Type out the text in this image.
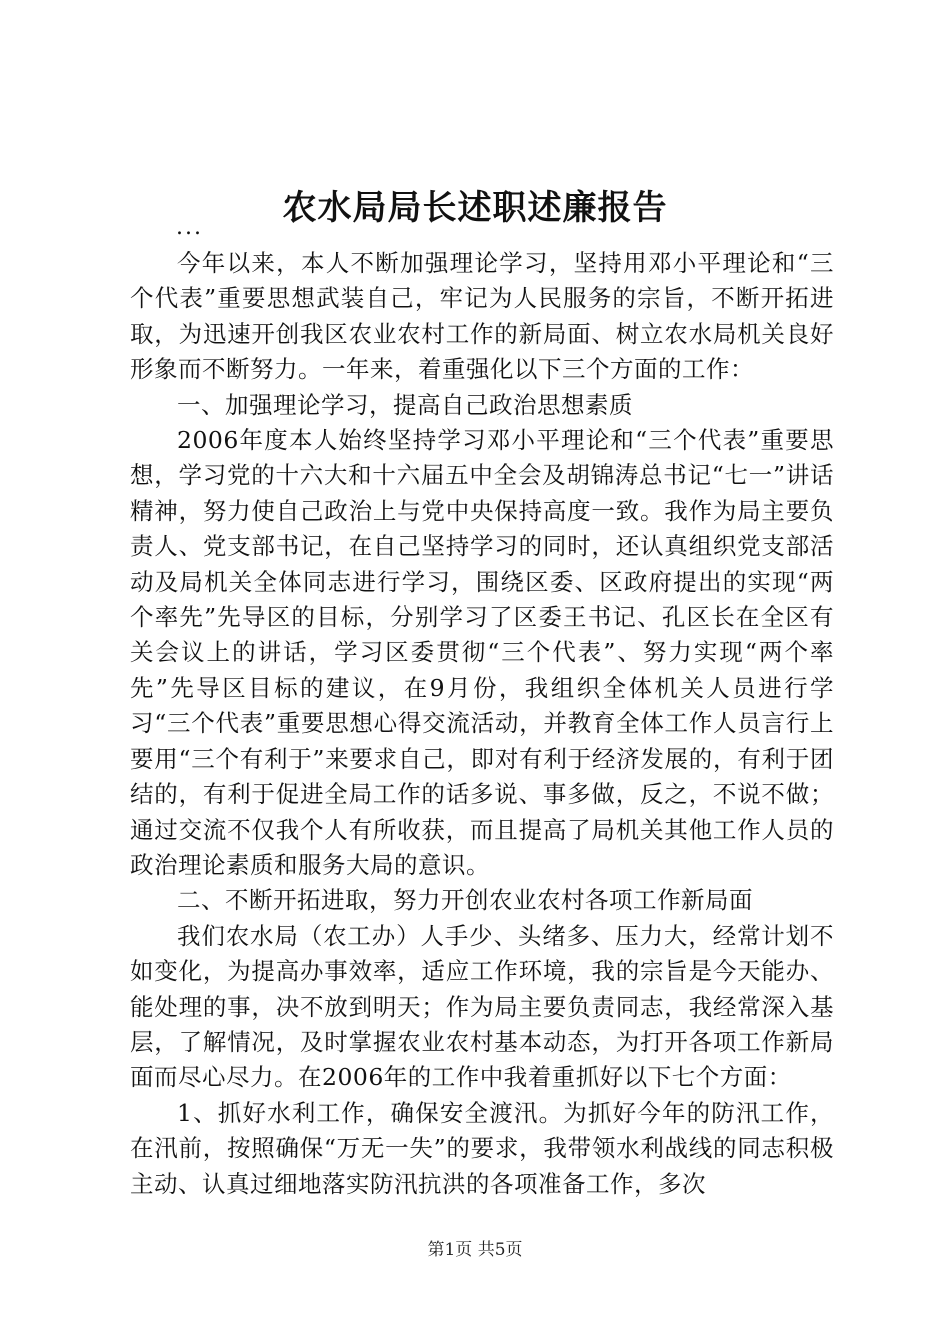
农水局局长述职述廉报告
...

今年以来，本人不断加强理论学习，坚持用邓小平理论和“三个代表”重要思想武装自己，牢记为人民服务的宗旨，不断开拓进取，为迅速开创我区农业农村工作的新局面、树立农水局机关良好形象而不断努力。一年来，着重强化以下三个方面的工作：

一、加强理论学习，提高自己政治思想素质

2006年度本人始终坚持学习邓小平理论和“三个代表”重要思想，学习党的十六大和十六届五中全会及胡锦涛总书记“七一”讲话精神，努力使自己政治上与党中央保持高度一致。我作为局主要负责人、党支部书记，在自己坚持学习的同时，还认真组织党支部活动及局机关全体同志进行学习，围绕区委、区政府提出的实现“两个率先”先导区的目标，分别学习了区委王书记、孔区长在全区有关会议上的讲话，学习区委贯彻“三个代表”、努力实现“两个率先”先导区目标的建议，在9月份，我组织全体机关人员进行学习“三个代表”重要思想心得交流活动，并教育全体工作人员言行上要用“三个有利于”来要求自己，即对有利于经济发展的，有利于团结的，有利于促进全局工作的话多说、事多做，反之，不说不做；通过交流不仅我个人有所收获，而且提高了局机关其他工作人员的政治理论素质和服务大局的意识。

二、不断开拓进取，努力开创农业农村各项工作新局面

我们农水局（农工办）人手少、头绪多、压力大，经常计划不如变化，为提高办事效率，适应工作环境，我的宗旨是今天能办、能处理的事，决不放到明天；作为局主要负责同志，我经常深入基层，了解情况，及时掌握农业农村基本动态，为打开各项工作新局面而尽心尽力。在2006年的工作中我着重抓好以下七个方面：

1、抓好水利工作，确保安全渡汛。为抓好今年的防汛工作，在汛前，按照确保“万无一失”的要求，我带领水利战线的同志积极主动、认真过细地落实防汛抗洪的各项准备工作，多次

第1页 共5页
